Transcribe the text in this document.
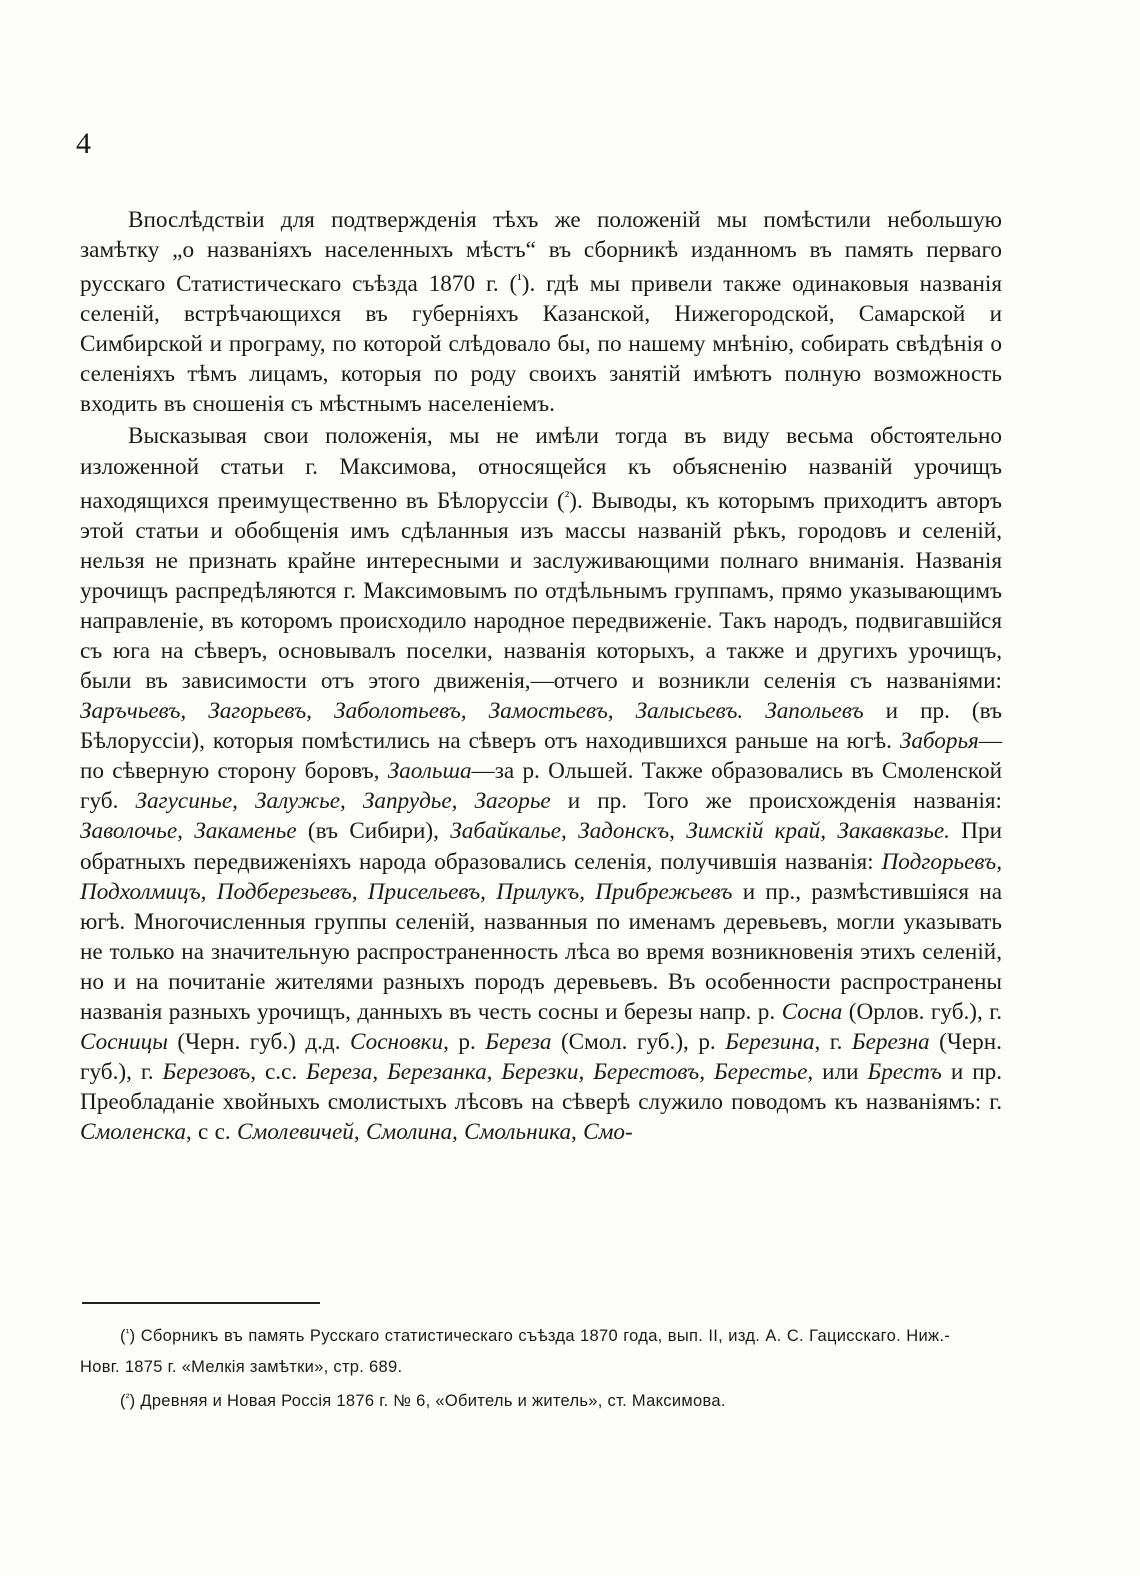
4

Впослѣдствіи для подтвержденія тѣхъ же положеній мы помѣстили небольшую замѣтку „о названіяхъ населенныхъ мѣстъ“ въ сборникѣ изданномъ въ память перваго русскаго Статистическаго съѣзда 1870 г. ($^{^1}$). гдѣ мы привели также одинаковыя названія селеній, встрѣчающихся въ губерніяхъ Казанской, Нижегородской, Самарской и Симбирской и програму, по которой слѣдовало бы, по нашему мнѣнію, собирать свѣдѣнія о селеніяхъ тѣмъ лицамъ, которыя по роду своихъ занятій имѣютъ полную возможность входить въ сношенія съ мѣстнымъ населеніемъ.

Высказывая свои положенія, мы не имѣли тогда въ виду весьма обстоятельно изложенной статьи г. Максимова, относящейся къ объясненію названій урочищъ находящихся преимущественно въ Бѣлоруссіи ($^{^2}$). Выводы, къ которымъ приходитъ авторъ этой статьи и обобщенія имъ сдѣланныя изъ массы названій рѣкъ, городовъ и селеній, нельзя не признать крайне интересными и заслуживающими полнаго вниманія. Названія урочищъ распредѣляются г. Максимовымъ по отдѣльнымъ группамъ, прямо указывающимъ направленіе, въ которомъ происходило народное передвиженіе. Такъ народъ, подвигавшійся съ юга на сѣверъ, основывалъ поселки, названія которыхъ, а также и другихъ урочищъ, были въ зависимости отъ этого движенія,—отчего и возникли селенія съ названіями: Заръчьевъ, Загорьевъ, Заболотьевъ, Замостьевъ, Залысьевъ. Запольевъ и пр. (въ Бѣлоруссіи), которыя помѣстились на сѣверъ отъ находившихся раньше на югѣ. Заборья—по сѣверную сторону боровъ, Заольша—за р. Ольшей. Также образовались въ Смоленской губ. Загусинье, Залужье, Запрудье, Загорье и пр. Того же происхожденія названія: Заволочье, Закаменье (въ Сибири), Забайкалье, Задонскъ, Зимскій край, Закавказье. При обратныхъ передвиженіяхъ народа образовались селенія, получившія названія: Подгорьевъ, Подхолмицъ, Подберезьевъ, Присельевъ, Прилукъ, Прибрежьевъ и пр., размѣстившіяся на югѣ. Многочисленныя группы селеній, названныя по именамъ деревьевъ, могли указывать не только на значительную распространенность лѣса во время возникновенія этихъ селеній, но и на почитаніе жителями разныхъ породъ деревьевъ. Въ особенности распространены названія разныхъ урочищъ, данныхъ въ честь сосны и березы напр. р. Сосна (Орлов. губ.), г. Сосницы (Черн. губ.) д.д. Сосновки, р. Береза (Смол. губ.), р. Березина, г. Березна (Черн. губ.), г. Березовъ, с.с. Береза, Березанка, Березки, Берестовъ, Берестье, или Брестъ и пр. Преобладаніе хвойныхъ смолистыхъ лѣсовъ на сѣверѣ служило поводомъ къ названіямъ: г. Смоленска, с с. Смолевичей, Смолина, Смольника, Смо-

($^{^1}$) Сборникъ въ память Русскаго статистическаго съѣзда 1870 года, вып. II, изд. А. С. Гацисскаго. Ниж.-Новг. 1875 г. «Мелкія замѣтки», стр. 689.

($^{^2}$) Древняя и Новая Россія 1876 г. № 6, «Обитель и житель», ст. Максимова.
